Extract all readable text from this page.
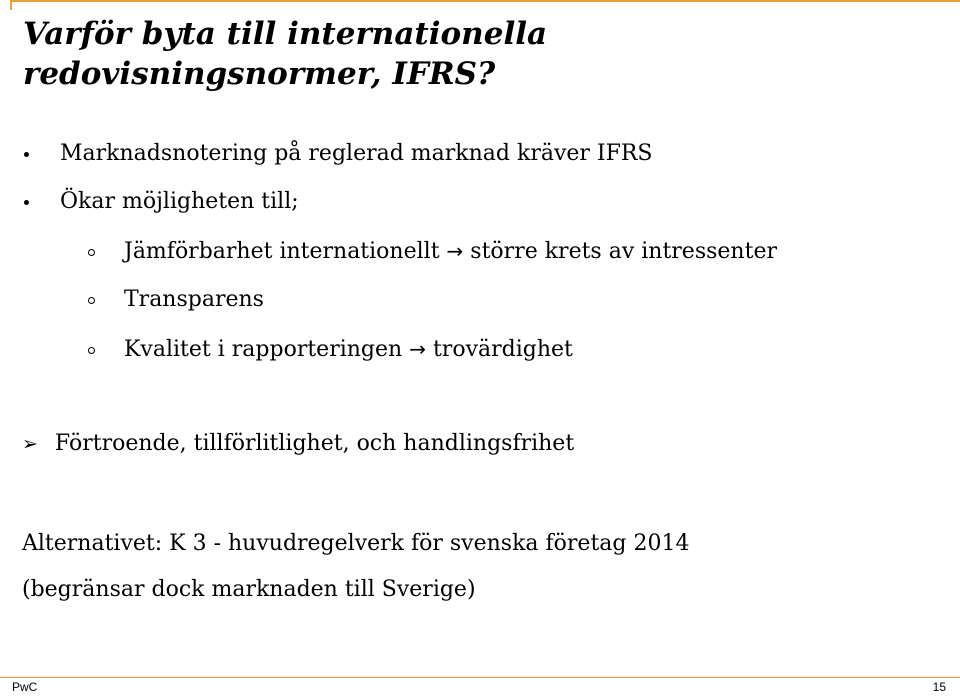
Varför byta till internationella
redovisningsnormer, IFRS?
Marknadsnotering på reglerad marknad kräver IFRS
Ökar möjligheten till;
Jämförbarhet internationellt → större krets av intressenter
Transparens
Kvalitet i rapporteringen → trovärdighet
➢ Förtroende, tillförlitlighet, och handlingsfrihet
Alternativet: K 3 - huvudregelverk för svenska företag 2014
(begränsar dock marknaden till Sverige)
PwC	15
